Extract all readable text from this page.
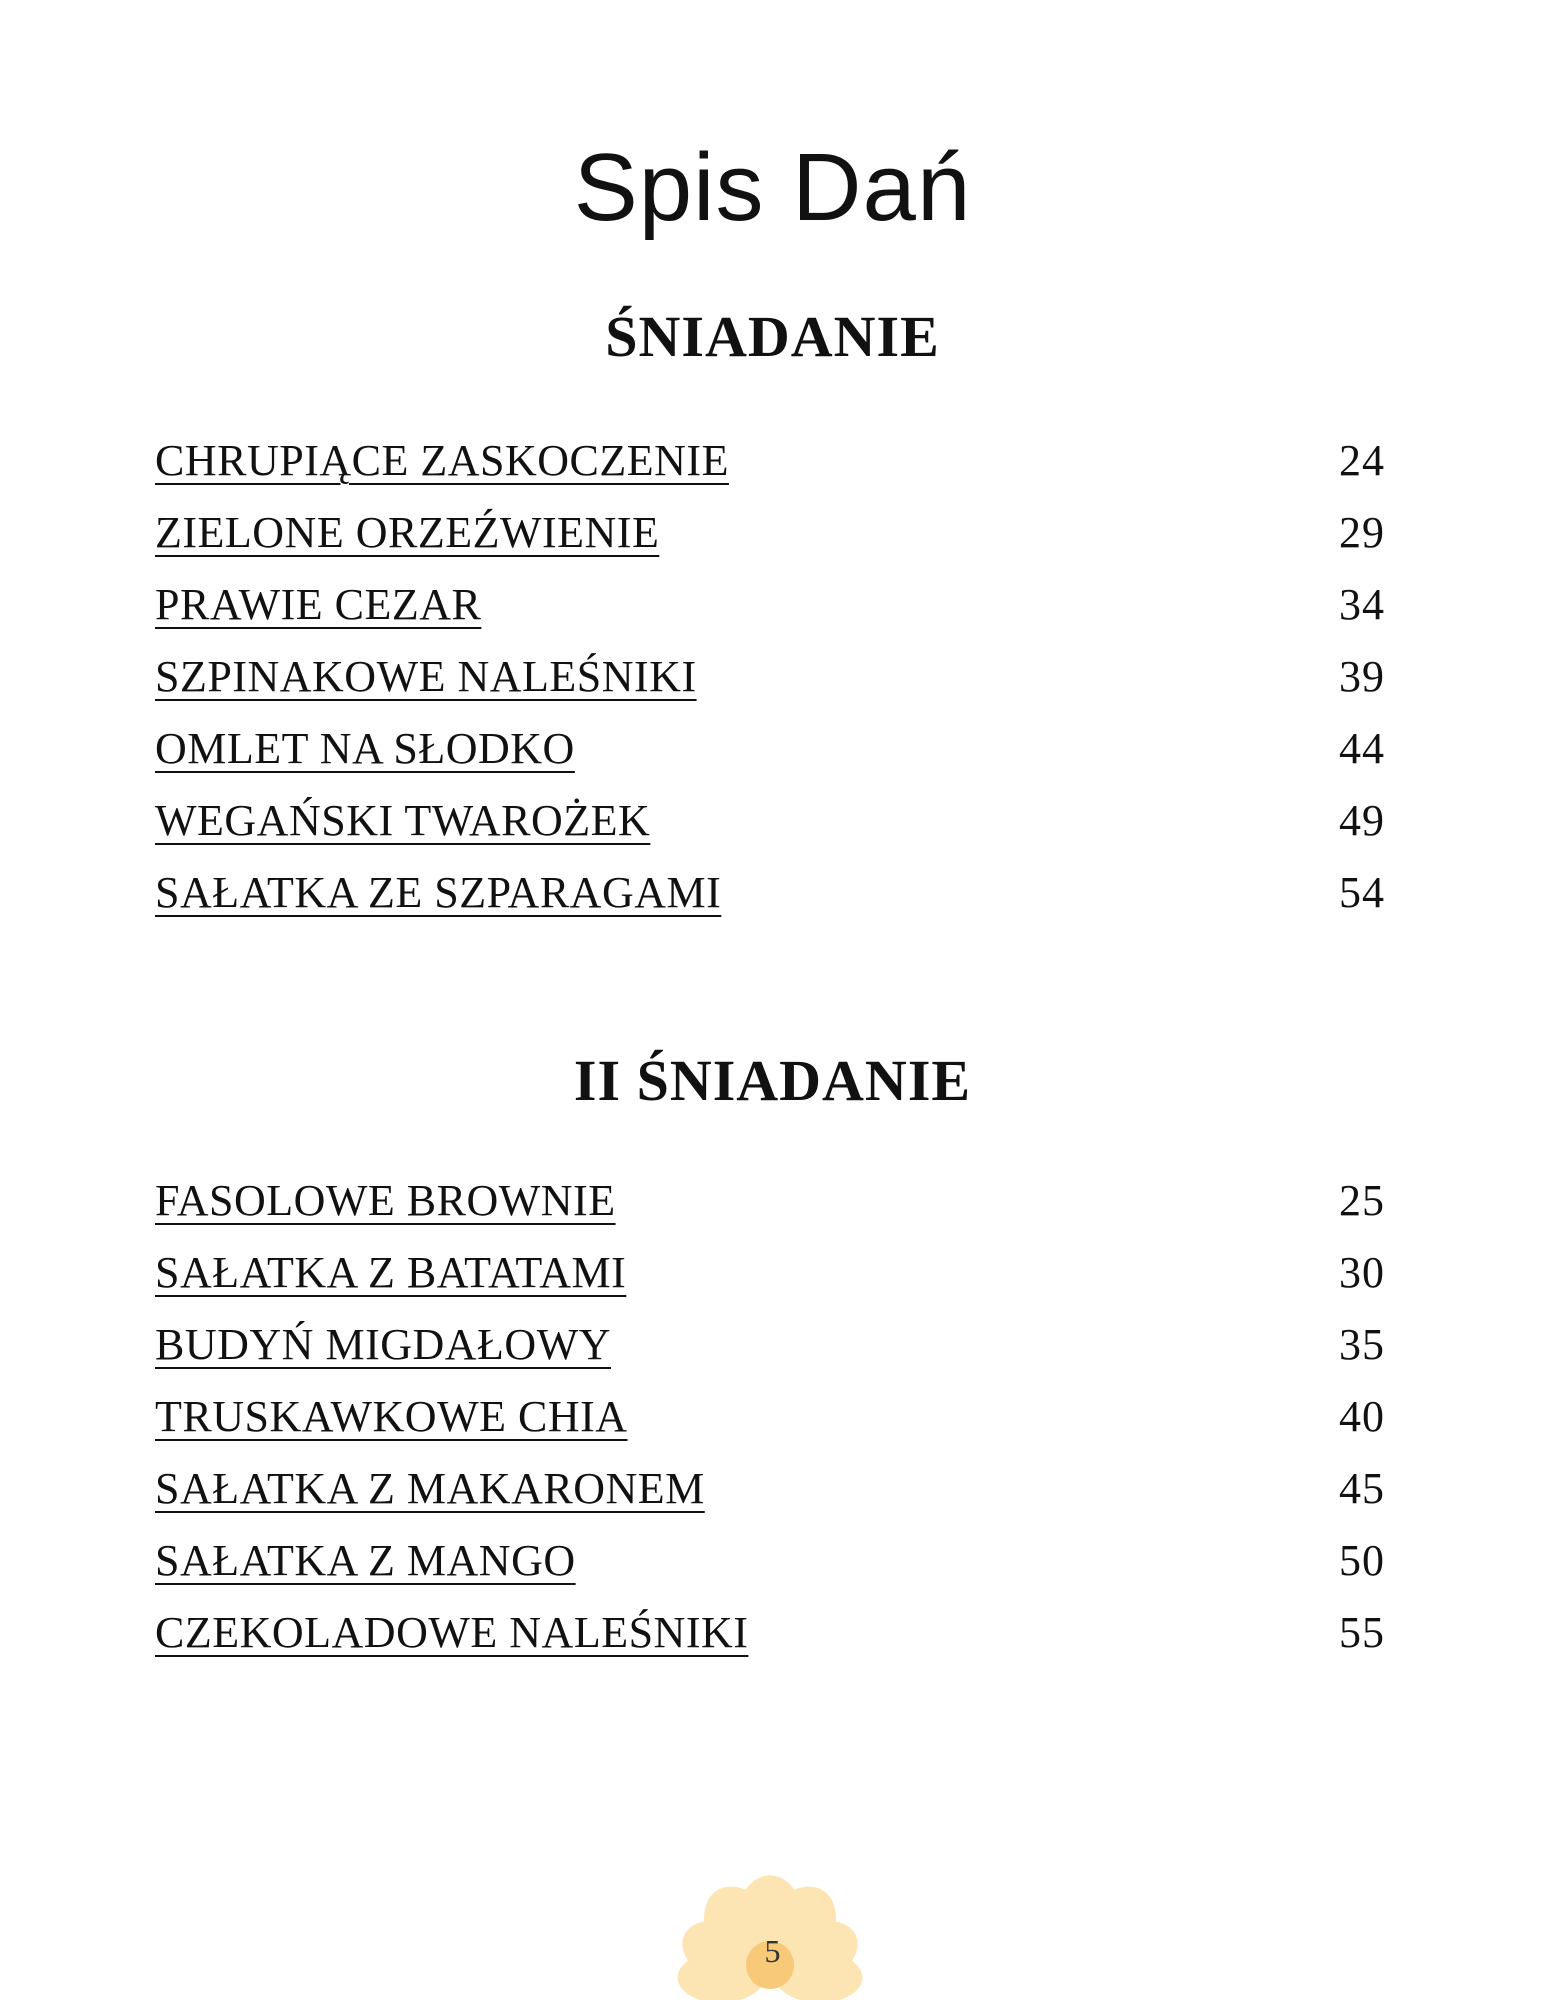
Spis Dań
ŚNIADANIE
CHRUPIĄCE ZASKOCZENIE	24
ZIELONE ORZEŹWIENIE	29
PRAWIE CEZAR	34
SZPINAKOWE NALEŚNIKI	39
OMLET NA SŁODKO	44
WEGAŃSKI TWAROŻEK	49
SAŁATKA ZE SZPARAGAMI	54
II ŚNIADANIE
FASOLOWE BROWNIE	25
SAŁATKA Z BATATAMI	30
BUDYŃ MIGDAŁOWY	35
TRUSKAWKOWE CHIA	40
SAŁATKA Z MAKARONEM	45
SAŁATKA Z MANGO	50
CZEKOLADOWE NALEŚNIKI	55
5
